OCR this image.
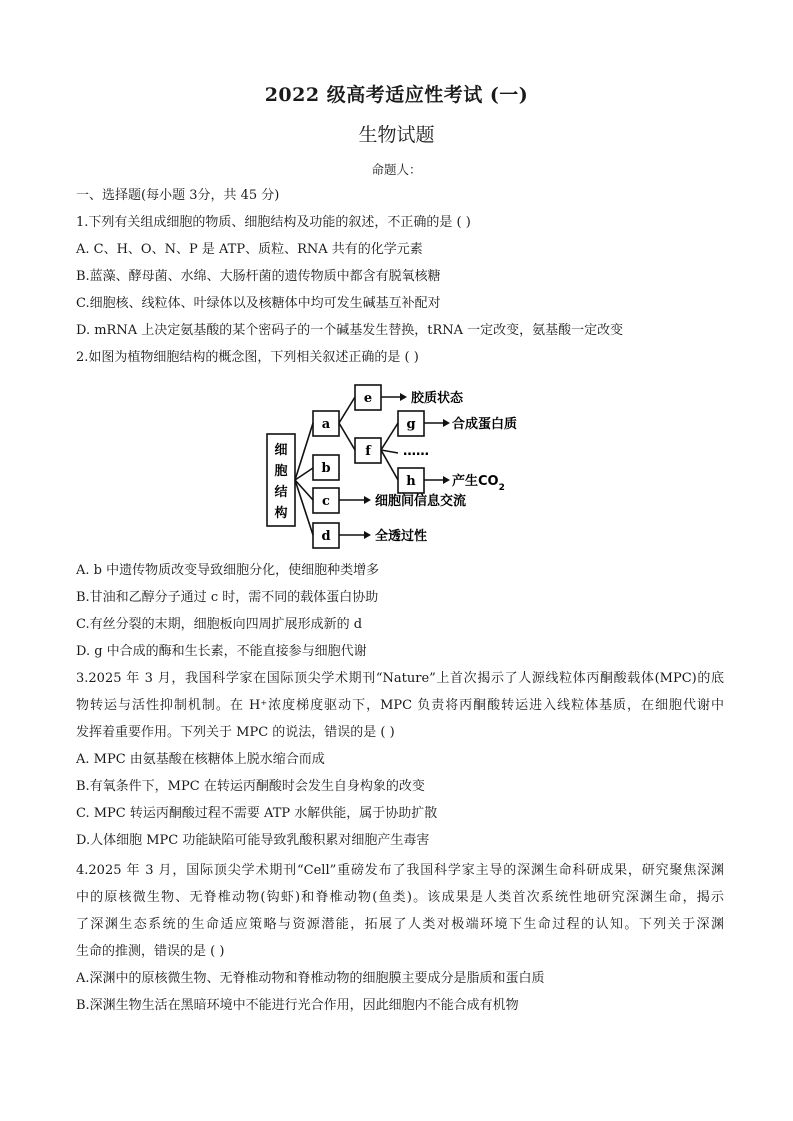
2022 级高考适应性考试 (一)
生物试题
命题人：
一、选择题(每小题 3分，共 45 分)
1.下列有关组成细胞的物质、细胞结构及功能的叙述，不正确的是 ( )
A. C、H、O、N、P 是 ATP、质粒、RNA 共有的化学元素
B.蓝藻、酵母菌、水绵、大肠杆菌的遗传物质中都含有脱氧核糖
C.细胞核、线粒体、叶绿体以及核糖体中均可发生碱基互补配对
D. mRNA 上决定氨基酸的某个密码子的一个碱基发生替换，tRNA 一定改变，氨基酸一定改变
2.如图为植物细胞结构的概念图，下列相关叙述正确的是 ( )
细
胞
结
构
a
b
c
d
e
f
g
h
胶质状态
合成蛋白质
……
产生$CO_2$
细胞间信息交流
全透过性
A. b 中遗传物质改变导致细胞分化，使细胞种类增多
B.甘油和乙醇分子通过 c 时，需不同的载体蛋白协助
C.有丝分裂的末期，细胞板向四周扩展形成新的 d
D. g 中合成的酶和生长素，不能直接参与细胞代谢
3.2025 年 3 月，我国科学家在国际顶尖学术期刊“Nature”上首次揭示了人源线粒体丙酮酸载体(MPC)的底
物转运与活性抑制机制。在 H⁺浓度梯度驱动下，MPC 负责将丙酮酸转运进入线粒体基质，在细胞代谢中
发挥着重要作用。下列关于 MPC 的说法，错误的是 ( )
A. MPC 由氨基酸在核糖体上脱水缩合而成
B.有氧条件下，MPC 在转运丙酮酸时会发生自身构象的改变
C. MPC 转运丙酮酸过程不需要 ATP 水解供能，属于协助扩散
D.人体细胞 MPC 功能缺陷可能导致乳酸积累对细胞产生毒害
4.2025 年 3 月，国际顶尖学术期刊“Cell”重磅发布了我国科学家主导的深渊生命科研成果，研究聚焦深渊
中的原核微生物、无脊椎动物(钩虾)和脊椎动物(鱼类)。该成果是人类首次系统性地研究深渊生命，揭示
了深渊生态系统的生命适应策略与资源潜能，拓展了人类对极端环境下生命过程的认知。下列关于深渊
生命的推测，错误的是 ( )
A.深渊中的原核微生物、无脊椎动物和脊椎动物的细胞膜主要成分是脂质和蛋白质
B.深渊生物生活在黑暗环境中不能进行光合作用，因此细胞内不能合成有机物
